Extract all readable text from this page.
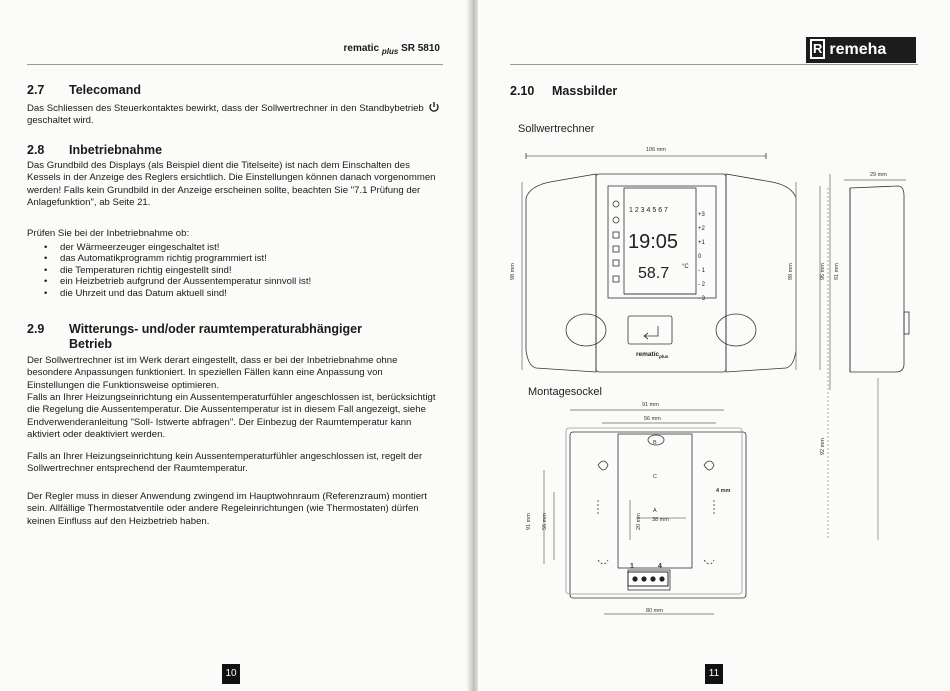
rematic $_{plus}$ SR 5810
2.7 Telecomand

Das Schliessen des Steuerkontaktes bewirkt, dass der Sollwertrechner in den Standbybetrieb  geschaltet wird.

2.8 Inbetriebnahme

Das Grundbild des Displays (als Beispiel dient die Titelseite) ist nach dem Einschalten des Kessels in der Anzeige des Reglers ersichtlich. Die Einstellungen können danach vorgenommen werden! Falls kein Grundbild in der Anzeige erscheinen sollte, beachten Sie "7.1 Prüfung der Anlagefunktion", ab Seite 21.

Prüfen Sie bei der Inbetriebnahme ob:

• der Wärmeerzeuger eingeschaltet ist!
• das Automatikprogramm richtig programmiert ist!
• die Temperaturen richtig eingestellt sind!
• ein Heizbetrieb aufgrund der Aussentemperatur sinnvoll ist!
• die Uhrzeit und das Datum aktuell sind!
2.9 Witterungs- und/oder raumtemperaturabhängiger
Betrieb

Der Sollwertrechner ist im Werk derart eingestellt, dass er bei der Inbetriebnahme ohne besondere Anpassungen funktioniert. In speziellen Fällen kann eine Anpassung von Einstellungen die Funktionsweise optimieren.

Falls an Ihrer Heizungseinrichtung ein Aussentemperaturfühler angeschlossen ist, berücksichtigt die Regelung die Aussentemperatur. Die Aussentemperatur ist in diesem Fall angezeigt, siehe Endverwenderanleitung "Soll- Istwerte abfragen". Der Einbezug der Raumtemperatur kann aktiviert oder deaktiviert werden.

Falls an Ihrer Heizungseinrichtung kein Aussentemperaturfühler angeschlossen ist, regelt der Sollwertrechner entsprechend der Raumtemperatur.

Der Regler muss in dieser Anwendung zwingend im Hauptwohnraum (Referenzraum) montiert sein. Allfällige Thermostatventile oder andere Regeleinrichtungen (wie Thermostaten) dürfen keinen Einfluss auf den Heizbetrieb haben.

10
R remeha
2.10 Massbilder
Sollwertrechner
Montagesockel
106 mm
98 mm	98 mm
29 mm
96 mm 91 mm
92 mm
91 mm
56 mm
80 mm
91 mm 56 mm	20 mm 38 mm
4 mm
B
C
A
1	4
1 2 3 4 5 6 7
19:05
58.7 °C
+3
+2
+1
0
- 1
- 2
- 3
rematic$_{plus}$
11
